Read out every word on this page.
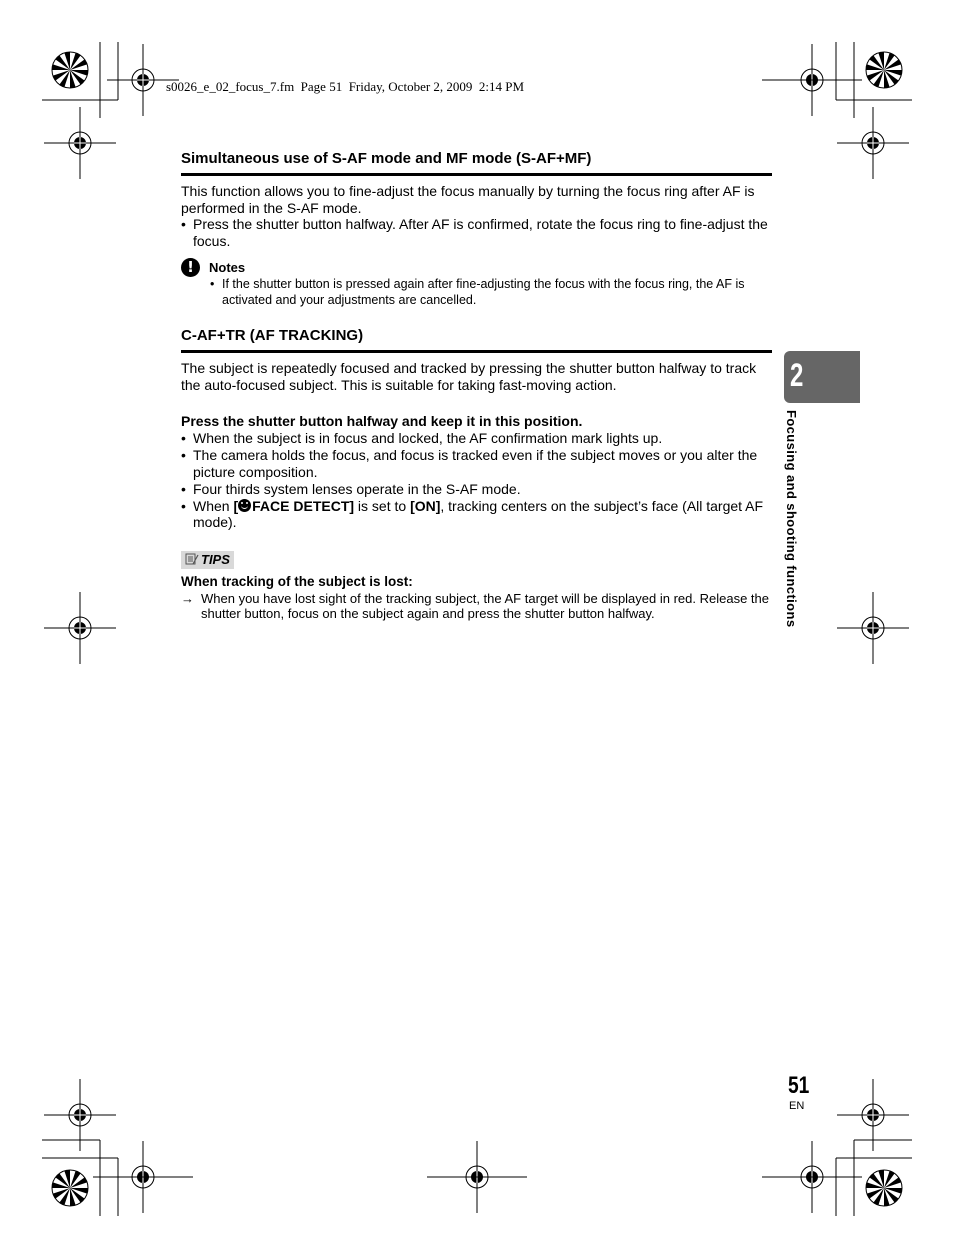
s0026_e_02_focus_7.fm  Page 51  Friday, October 2, 2009  2:14 PM
Simultaneous use of S-AF mode and MF mode (S-AF+MF)

This function allows you to fine-adjust the focus manually by turning the focus ring after AF is performed in the S-AF mode.

• Press the shutter button halfway. After AF is confirmed, rotate the focus ring to fine-adjust the focus.

!	Notes

• If the shutter button is pressed again after fine-adjusting the focus with the focus ring, the AF is activated and your adjustments are cancelled.

C-AF+TR (AF TRACKING)

The subject is repeatedly focused and tracked by pressing the shutter button halfway to track the auto-focused subject. This is suitable for taking fast-moving action.

Press the shutter button halfway and keep it in this position.

• When the subject is in focus and locked, the AF confirmation mark lights up.

• The camera holds the focus, and focus is tracked even if the subject moves or you alter the picture composition.

• Four thirds system lenses operate in the S-AF mode.

• When [ FACE DETECT] is set to [ON], tracking centers on the subject’s face (All target AF mode).

TIPS

When tracking of the subject is lost:

→ When you have lost sight of the tracking subject, the AF target will be displayed in red. Release the shutter button, focus on the subject again and press the shutter button halfway.

2
Focusing and shooting functions
51
EN
